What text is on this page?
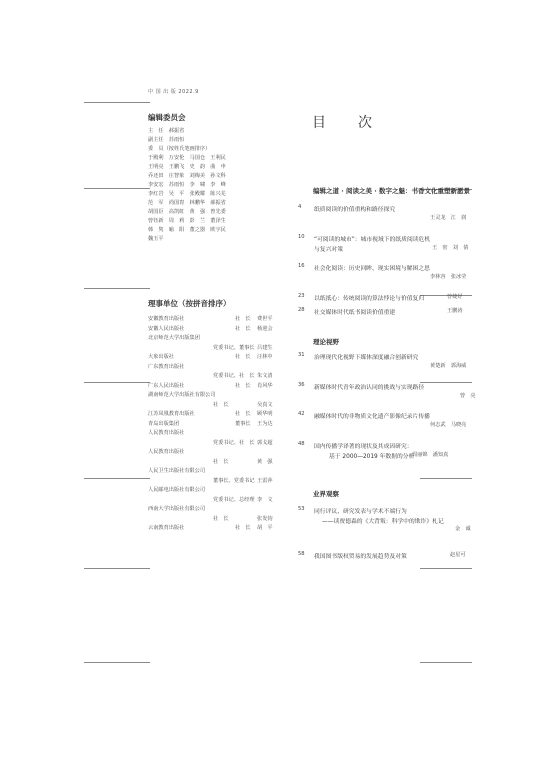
中 国 出 版 2022.9
编辑委员会
主　任　郝振省
副主任　苏雨恒
委　员（按姓氏笔画排序）
于殿利　万安伦　马国仓　王利民
王明亮　王鹏飞　史　韵　曲　申
乔还田　庄智象　刘梅美　孙文科
李安宏　苏雨恒　李　啸　李　峰
李红岩　吴　平　张殿耀　陈兴芜
范　军　尚国胄　林鹏华　郝振省
胡国臣　高凯虹　黄　强　曾先委
曾钰新　周　莉　彭　兰　董泽生
韩　隽　喻　阳　董之器　欧宇民
魏玉平
理事单位（按拼音排序）
安徽教育出版社	社　长 费世平
安徽人民出版社	社　长 杨迎会
北京师范大学出版集团
党委书记、董事长 吕建生
大象出版社	社　长 汪林中
广东教育出版社
党委书记、社　长 朱文清
广东人民出版社	社　长 肖风华
湖南师范大学出版社有限公司
社　长	吴真文
江苏凤凰教育出版社	社　长 顾华明
青岛出版集团	董事长 王为达
人民教育出版社
党委书记、社　长 郭戈超
人民教育出版社
社　长	黄　强
人民卫生出版社有限公司
董事长、党委书记 王雷萍
人民邮电出版社有限公司
党委书记、总经理 李　文
西南大学出版社有限公司
社　长	张发钧
云南教育出版社	社　长 胡　平
目　次
编辑之道 · 阅读之美 · 数字之魅：书香文化重塑新愿景
4 纸质阅读的价值重构和路径探究
王灵龙　江　润
10 “可阅读的城市”：城市视域下的纸质阅读危机
与复兴对策	王　密　刘　倩
16 社会化阅读：历史回眸、现实困境与解困之思
李林容　张冰莹
23 以纸抵心：传统阅读的算法悖论与价值复归	曾婕妤
28 社交媒体时代纸书阅读价值重建	王鹏涛
理论视野
31 治理现代化视野下媒体深度融合创新研究
黄楚新　郭海威
36 新媒体时代青年政治认同的挑战与实现路径
曾　亮
42 融媒体时代的非物质文化遗产影像纪录片传播
何志武　马晓亮
48 国内传播学译著的现状及其成因研究：
基于 2000—2019 年数据的分析
周丽锦　潘知真
业界观察
53 同行评议、研究发表与学术不端行为
——读贾德森的《大背叛：科学中的欺诈》札记
金　诚
58 我国图书版权贸易的发展趋势及对策	赵星可
